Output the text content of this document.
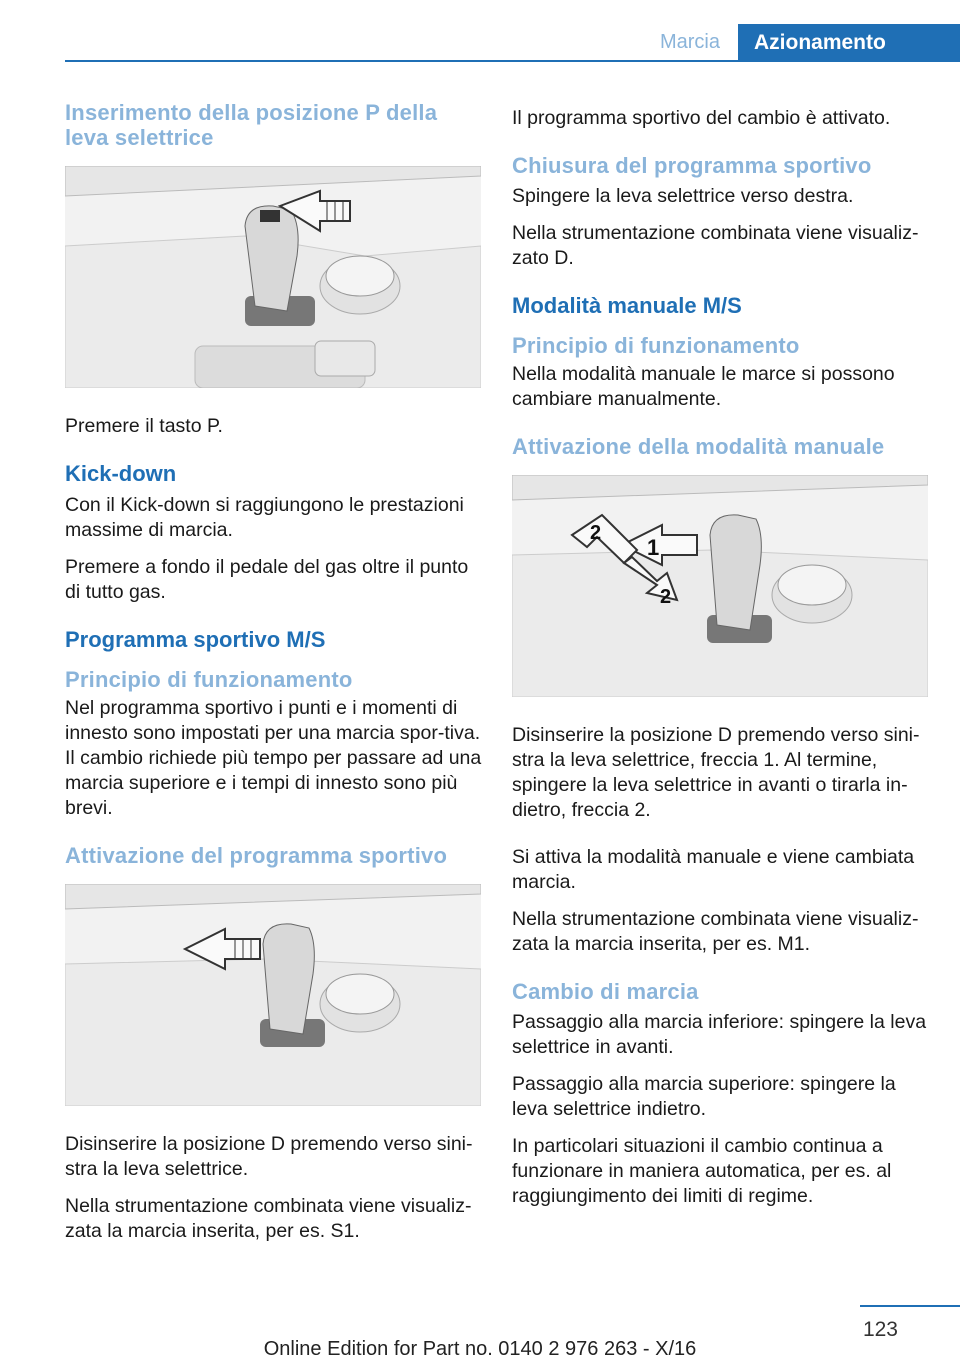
Marcia	Azionamento
Inserimento della posizione P della leva selettrice

Premere il tasto P.

Kick-down

Con il Kick-down si raggiungono le prestazioni massime di marcia.

Premere a fondo il pedale del gas oltre il punto di tutto gas.

Programma sportivo M/S
Principio di funzionamento

Nel programma sportivo i punti e i momenti di innesto sono impostati per una marcia spor-tiva. Il cambio richiede più tempo per passare ad una marcia superiore e i tempi di innesto sono più brevi.

Attivazione del programma sportivo

Disinserire la posizione D premendo verso sini-stra la leva selettrice.

Nella strumentazione combinata viene visualiz-zata la marcia inserita, per es. S1.

Il programma sportivo del cambio è attivato.

Chiusura del programma sportivo

Spingere la leva selettrice verso destra.

Nella strumentazione combinata viene visualiz-zato D.

Modalità manuale M/S
Principio di funzionamento

Nella modalità manuale le marce si possono cambiare manualmente.

Attivazione della modalità manuale
1
2
2

Disinserire la posizione D premendo verso sini-stra la leva selettrice, freccia 1. Al termine, spingere la leva selettrice in avanti o tirarla in-dietro, freccia 2.

Si attiva la modalità manuale e viene cambiata marcia.

Nella strumentazione combinata viene visualiz-zata la marcia inserita, per es. M1.

Cambio di marcia

Passaggio alla marcia inferiore: spingere la leva selettrice in avanti.

Passaggio alla marcia superiore: spingere la leva selettrice indietro.

In particolari situazioni il cambio continua a funzionare in maniera automatica, per es. al raggiungimento dei limiti di regime.

123
Online Edition for Part no. 0140 2 976 263 - X/16
